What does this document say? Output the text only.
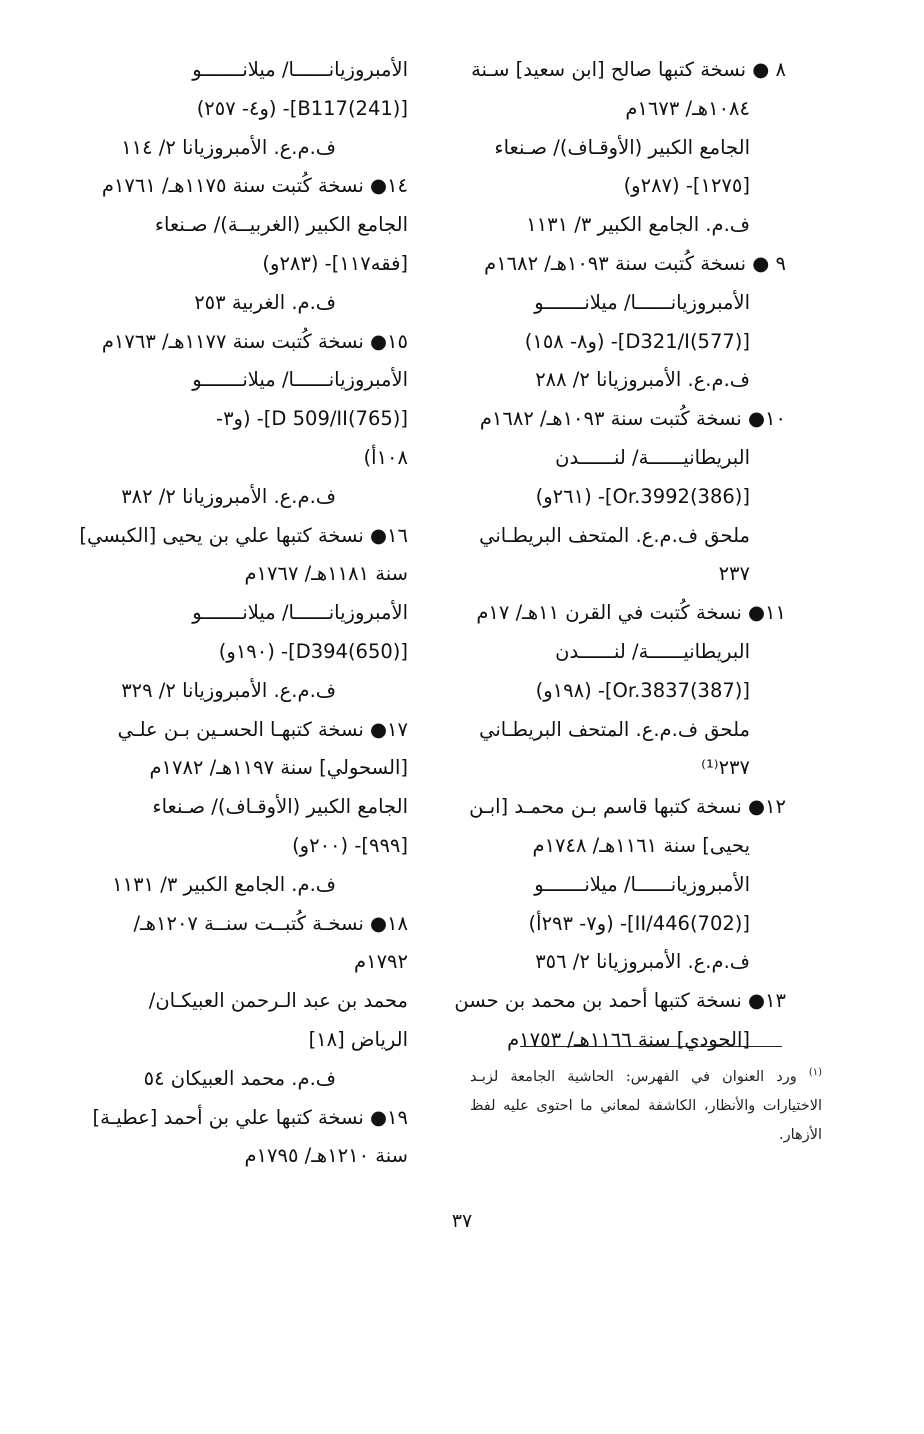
٨ ● نسخة كتبها صالح [ابن سعيد] سـنة
١٠٨٤هـ/ ١٦٧٣م
الجامع الكبير (الأوقـاف)/ صـنعاء
[١٢٧٥]- (٢٨٧و)
ف.م. الجامع الكبير ٣/ ١١٣١
٩ ● نسخة كُتبت سنة ١٠٩٣هـ/ ١٦٨٢م
الأمبروزيانــــــا/ ميلانـــــــو
[(577)D321/I]- (و٨- ١٥٨)
ف.م.ع. الأمبروزيانا ٢/ ٢٨٨
١٠● نسخة كُتبت سنة ١٠٩٣هـ/ ١٦٨٢م
البريطانيــــــة/ لنــــــدن
[(386)Or.3992]- (٢٦١و)
ملحق ف.م.ع. المتحف البريطـاني
٢٣٧
١١● نسخة كُتبت في القرن ١١هـ/ ١٧م
البريطانيــــــة/ لنــــــدن
[(387)Or.3837]- (١٩٨و)
ملحق ف.م.ع. المتحف البريطـاني
٢٣٧⁽¹⁾
١٢● نسخة كتبها قاسم بـن محمـد [ابـن
يحيى] سنة ١١٦١هـ/ ١٧٤٨م
الأمبروزيانــــــا/ ميلانـــــــو
[(702)446/II]- (و٧- ٢٩٣أ)
ف.م.ع. الأمبروزيانا ٢/ ٣٥٦
١٣● نسخة كتبها أحمد بن محمد بن حسن
[الحودي] سنة ١١٦٦هـ/ ١٧٥٣م
الأمبروزيانــــــا/ ميلانـــــــو
[(241)B117]- (و٤- ٢٥٧)
ف.م.ع. الأمبروزيانا ٢/ ١١٤
١٤● نسخة كُتبت سنة ١١٧٥هـ/ ١٧٦١م
الجامع الكبير (الغربيــة)/ صـنعاء
[فقه١١٧]- (٢٨٣و)
ف.م. الغربية ٢٥٣
١٥● نسخة كُتبت سنة ١١٧٧هـ/ ١٧٦٣م
الأمبروزيانــــــا/ ميلانـــــــو
[(765)D 509/II]- (و٣-
١٠٨أ)
ف.م.ع. الأمبروزيانا ٢/ ٣٨٢
١٦● نسخة كتبها علي بن يحيى [الكبسي]
سنة ١١٨١هـ/ ١٧٦٧م
الأمبروزيانــــــا/ ميلانـــــــو
[(650)D394]- (١٩٠و)
ف.م.ع. الأمبروزيانا ٢/ ٣٢٩
١٧● نسخة كتبهـا الحسـين بـن علـي
[السحولي] سنة ١١٩٧هـ/ ١٧٨٢م
الجامع الكبير (الأوقـاف)/ صـنعاء
[٩٩٩]- (٢٠٠و)
ف.م. الجامع الكبير ٣/ ١١٣١
١٨● نسخـة كُتبــت سنــة ١٢٠٧هـ/
١٧٩٢م
محمد بن عبد الـرحمن العبيكـان/
الرياض [١٨]
ف.م. محمد العبيكان ٥٤
١٩● نسخة كتبها علي بن أحمد [عطيـة]
سنة ١٢١٠هـ/ ١٧٩٥م
$^{(١)}$ ورد العنوان في الفهرس: الحاشية الجامعة لزبـد الاختيارات والأنظار، الكاشفة لمعاني ما احتوى عليه لفظ الأزهار.
٣٧
